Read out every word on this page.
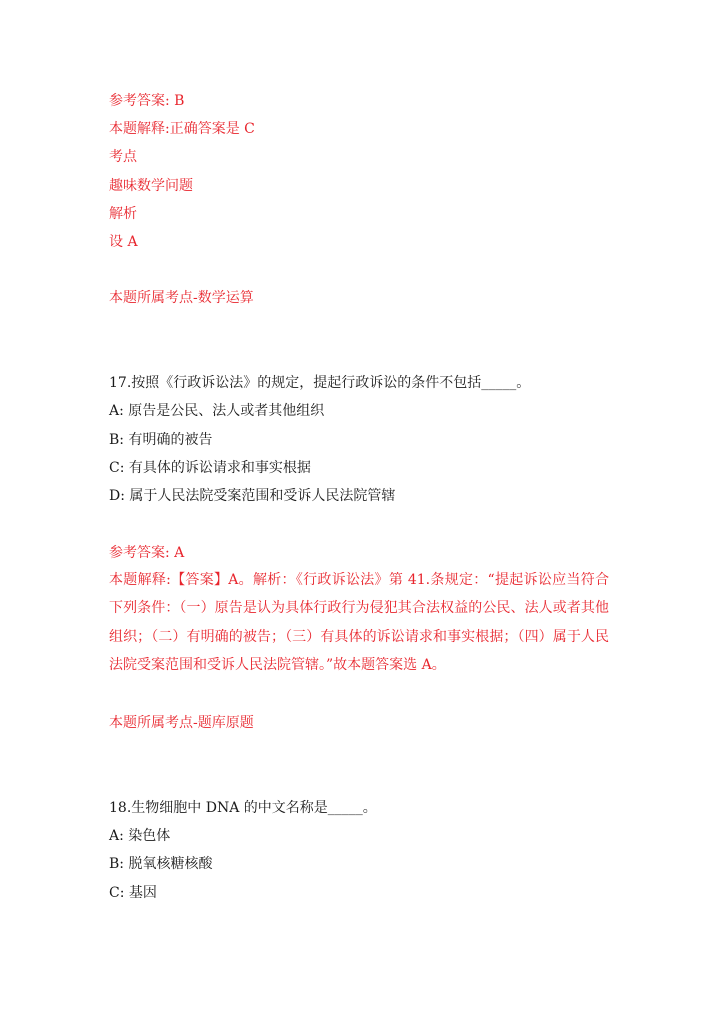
参考答案: B
本题解释:正确答案是 C
考点
趣味数学问题
解析
设 A
本题所属考点-数学运算
17.按照《行政诉讼法》的规定，提起行政诉讼的条件不包括_____。
A: 原告是公民、法人或者其他组织
B: 有明确的被告
C: 有具体的诉讼请求和事实根据
D: 属于人民法院受案范围和受诉人民法院管辖
参考答案: A
本题解释:【答案】A。解析：《行政诉讼法》第 41.条规定：“提起诉讼应当符合下列条件：（一）原告是认为具体行政行为侵犯其合法权益的公民、法人或者其他组织；（二）有明确的被告；（三）有具体的诉讼请求和事实根据；（四）属于人民法院受案范围和受诉人民法院管辖。”故本题答案选 A。
本题所属考点-题库原题
18.生物细胞中 DNA 的中文名称是_____。
A: 染色体
B: 脱氧核糖核酸
C: 基因
